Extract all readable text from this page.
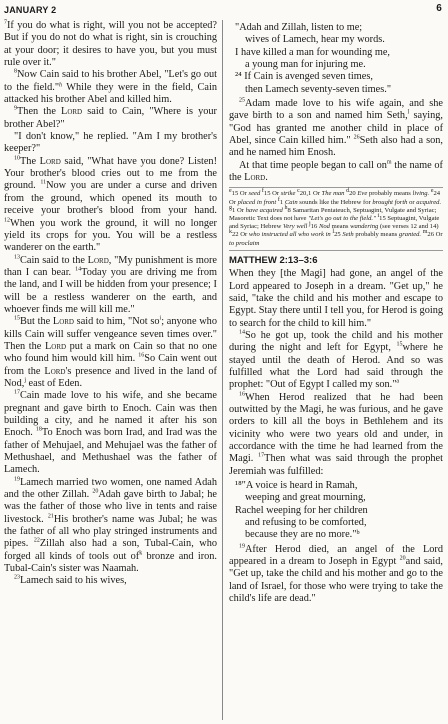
JANUARY 2	6

$^7$If you do what is right, will you not be accepted? But if you do not do what is right, sin is crouching at your door; it desires to have you, but you must rule over it."

$^8$Now Cain said to his brother Abel, "Let's go out to the field."$^h$ While they were in the field, Cain attacked his brother Abel and killed him.

$^9$Then the Lord said to Cain, "Where is your brother Abel?"

"I don't know," he replied. "Am I my brother's keeper?"

$^{10}$The Lord said, "What have you done? Listen! Your brother's blood cries out to me from the ground. $^{11}$Now you are under a curse and driven from the ground, which opened its mouth to receive your brother's blood from your hand. $^{12}$When you work the ground, it will no longer yield its crops for you. You will be a restless wanderer on the earth."

$^{13}$Cain said to the Lord, "My punishment is more than I can bear. $^{14}$Today you are driving me from the land, and I will be hidden from your presence; I will be a restless wanderer on the earth, and whoever finds me will kill me."

$^{15}$But the Lord said to him, "Not $so^i$; anyone who kills Cain will suffer vengeance seven times over." Then the Lord put a mark on Cain so that no one who found him would kill him. $^{16}$So Cain went out from the Lord's presence and lived in the land of Nod,$^j$ east of Eden.

$^{17}$Cain made love to his wife, and she became pregnant and gave birth to Enoch. Cain was then building a city, and he named it after his son Enoch. $^{18}$To Enoch was born Irad, and Irad was the father of Mehujael, and Mehujael was the father of Methushael, and Methushael was the father of Lamech.

$^{19}$Lamech married two women, one named Adah and the other Zillah. $^{20}$Adah gave birth to Jabal; he was the father of those who live in tents and raise livestock. $^{21}$His brother's name was Jubal; he was the father of all who play stringed instruments and pipes. $^{22}$Zillah also had a son, Tubal-Cain, who forged all kinds of tools out $of^k$ bronze and iron. Tubal-Cain's sister was Naamah.

$^{23}$Lamech said to his wives,

"Adah and Zillah, listen to me;
wives of Lamech, hear my words.
I have killed a man for wounding me,
a young man for injuring me.
²⁴ If Cain is avenged seven times,
then Lamech seventy-seven times."

$^{25}$Adam made love to his wife again, and she gave birth to a son and named him Seth,$^l$ saying, "God has granted me another child in place of Abel, since Cain killed him." $^{26}$Seth also had a son, and he named him Enosh.

At that time people began to call $on^m$ the name of the Lord.

$^e$15 Or seed $^f$15 Or strike $^c$20,1 Or The man $^d$20 Eve probably means living. $^e$24 Or placed in front $^f$1 Cain sounds like the Hebrew for brought forth or acquired. $^g$1 Or have acquired $^h$8 Samaritan Pentateuch, Septuagint, Vulgate and Syriac; Masoretic Text does not have "Let's go out to the field." $^i$15 Septuagint, Vulgate and Syriac; Hebrew Very well $^j$16 Nod means wandering (see verses 12 and 14) $^k$22 Or who instructed all who work in $^l$25 Seth probably means granted. $^m$26 Or to proclaim
MATTHEW 2:13–3:6

When they [the Magi] had gone, an angel of the Lord appeared to Joseph in a dream. "Get up," he said, "take the child and his mother and escape to Egypt. Stay there until I tell you, for Herod is going to search for the child to kill him."

$^{14}$So he got up, took the child and his mother during the night and left for Egypt, $^{15}$where he stayed until the death of Herod. And so was fulfilled what the Lord had said through the prophet: "Out of Egypt I called my son."$^a$

$^{16}$When Herod realized that he had been outwitted by the Magi, he was furious, and he gave orders to kill all the boys in Bethlehem and its vicinity who were two years old and under, in accordance with the time he had learned from the Magi. $^{17}$Then what was said through the prophet Jeremiah was fulfilled:

¹⁸"A voice is heard in Ramah,
weeping and great mourning,
Rachel weeping for her children
and refusing to be comforted,
because they are no more."ᵇ

$^{19}$After Herod died, an angel of the Lord appeared in a dream to Joseph in Egypt $^{20}$and said, "Get up, take the child and his mother and go to the land of Israel, for those who were trying to take the child's life are dead."
